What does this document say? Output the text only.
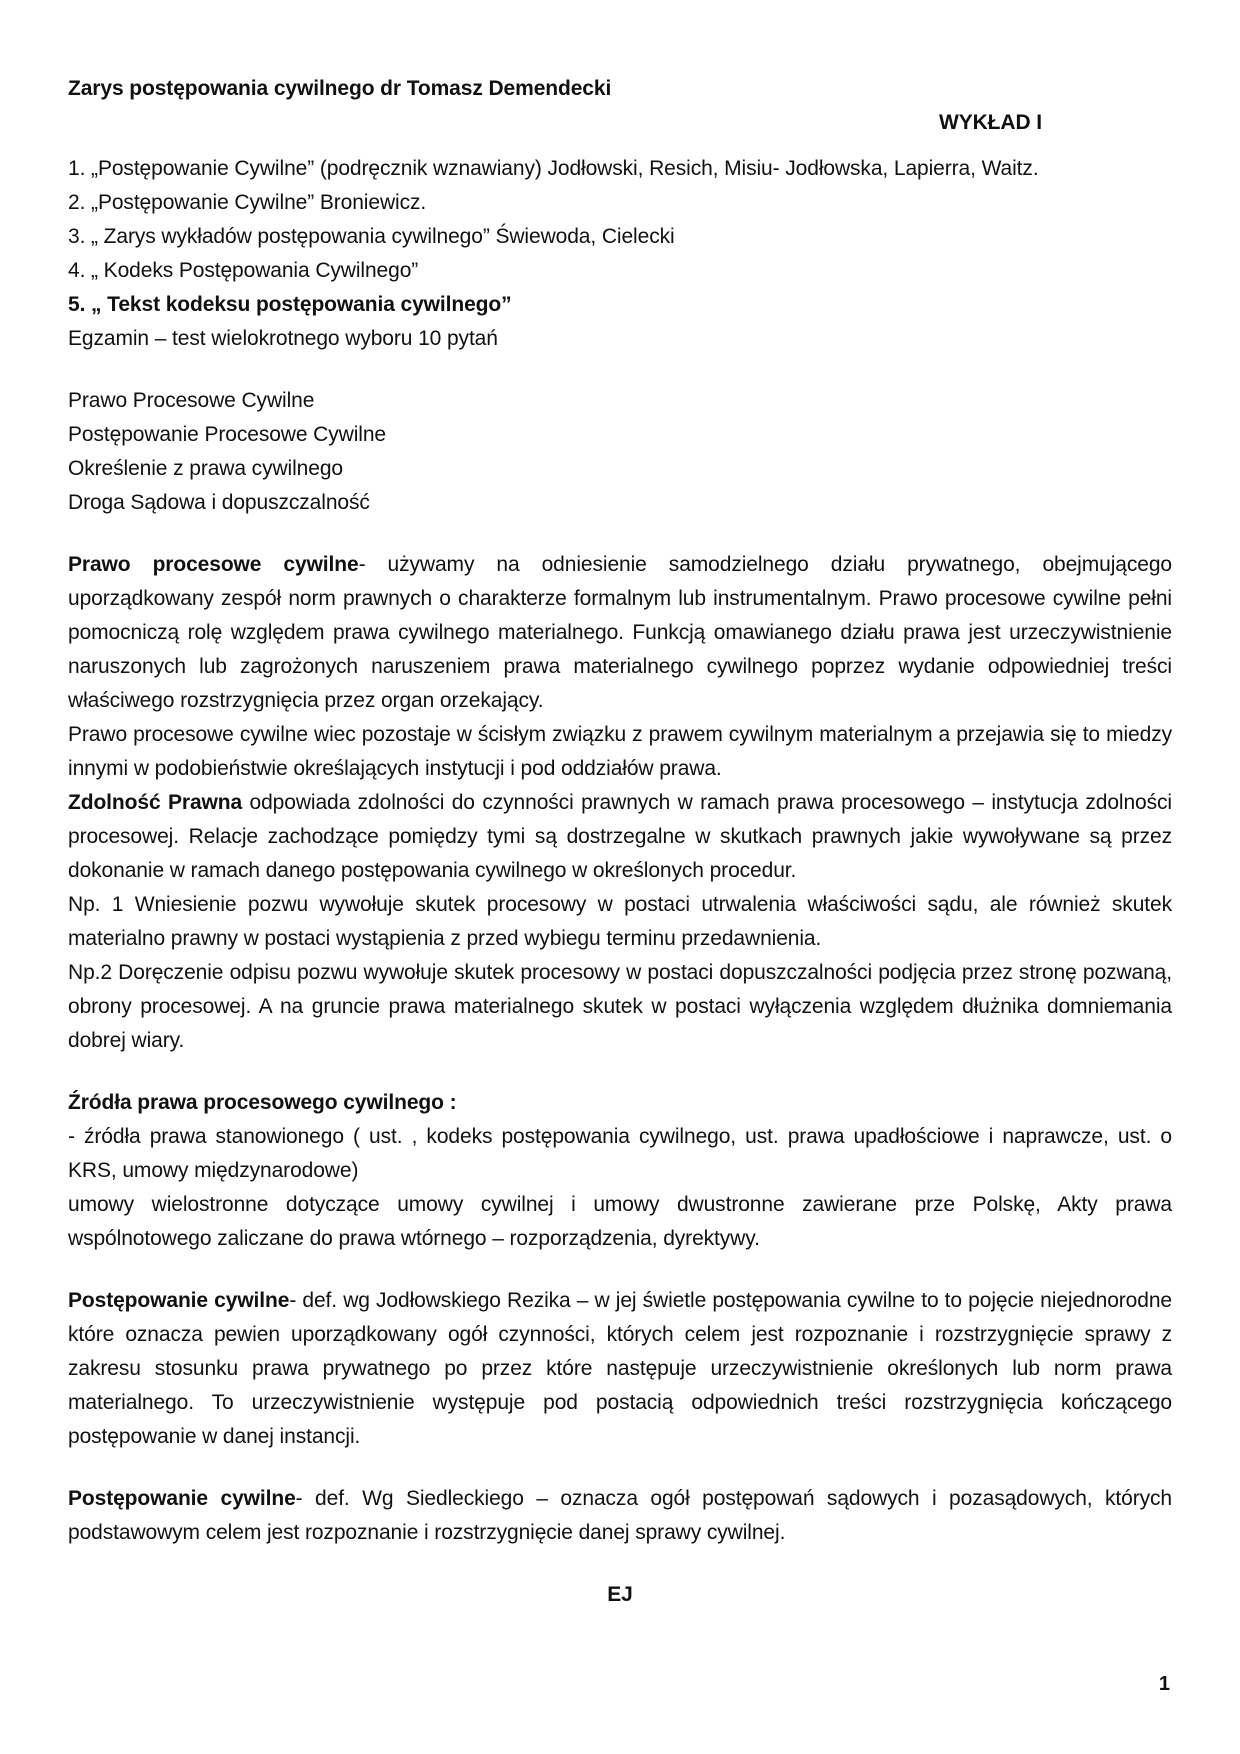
Zarys postępowania cywilnego dr Tomasz Demendecki
WYKŁAD I
1. „Postępowanie Cywilne” (podręcznik wznawiany) Jodłowski, Resich, Misiu- Jodłowska, Lapierra, Waitz.
2. „Postępowanie Cywilne” Broniewicz.
3. „ Zarys wykładów postępowania cywilnego” Świewoda, Cielecki
4. „ Kodeks Postępowania Cywilnego”
5. „ Tekst kodeksu postępowania cywilnego”
Egzamin – test wielokrotnego wyboru 10 pytań
Prawo Procesowe Cywilne
Postępowanie Procesowe Cywilne
Określenie z prawa cywilnego
Droga Sądowa i dopuszczalność

Prawo procesowe cywilne- używamy na odniesienie samodzielnego działu prywatnego, obejmującego uporządkowany zespół norm prawnych o charakterze formalnym lub instrumentalnym. Prawo procesowe cywilne pełni pomocniczą rolę względem prawa cywilnego materialnego. Funkcją omawianego działu prawa jest urzeczywistnienie naruszonych lub zagrożonych naruszeniem prawa materialnego cywilnego poprzez wydanie odpowiedniej treści właściwego rozstrzygnięcia przez organ orzekający.

Prawo procesowe cywilne wiec pozostaje w ścisłym związku z prawem cywilnym materialnym a przejawia się to miedzy innymi w podobieństwie określających instytucji i pod oddziałów prawa.

Zdolność Prawna odpowiada zdolności do czynności prawnych w ramach prawa procesowego – instytucja zdolności procesowej. Relacje zachodzące pomiędzy tymi są dostrzegalne w skutkach prawnych jakie wywoływane są przez dokonanie w ramach danego postępowania cywilnego w określonych procedur.

Np. 1 Wniesienie pozwu wywołuje skutek procesowy w postaci utrwalenia właściwości sądu, ale również skutek materialno prawny w postaci wystąpienia z przed wybiegu terminu przedawnienia.

Np.2 Doręczenie odpisu pozwu wywołuje skutek procesowy w postaci dopuszczalności podjęcia przez stronę pozwaną, obrony procesowej. A na gruncie prawa materialnego skutek w postaci wyłączenia względem dłużnika domniemania dobrej wiary.

Źródła prawa procesowego cywilnego :

- źródła prawa stanowionego ( ust. , kodeks postępowania cywilnego, ust. prawa upadłościowe i naprawcze, ust. o KRS, umowy międzynarodowe)

umowy wielostronne dotyczące umowy cywilnej i umowy dwustronne zawierane prze Polskę, Akty prawa wspólnotowego zaliczane do prawa wtórnego – rozporządzenia, dyrektywy.

Postępowanie cywilne- def. wg Jodłowskiego Rezika – w jej świetle postępowania cywilne to to pojęcie niejednorodne które oznacza pewien uporządkowany ogół czynności, których celem jest rozpoznanie i rozstrzygnięcie sprawy z zakresu stosunku prawa prywatnego po przez które następuje urzeczywistnienie określonych lub norm prawa materialnego. To urzeczywistnienie występuje pod postacią odpowiednich treści rozstrzygnięcia kończącego postępowanie w danej instancji.

Postępowanie cywilne- def. Wg Siedleckiego – oznacza ogół postępowań sądowych i pozasądowych, których podstawowym celem jest rozpoznanie i rozstrzygnięcie danej sprawy cywilnej.

EJ
1
